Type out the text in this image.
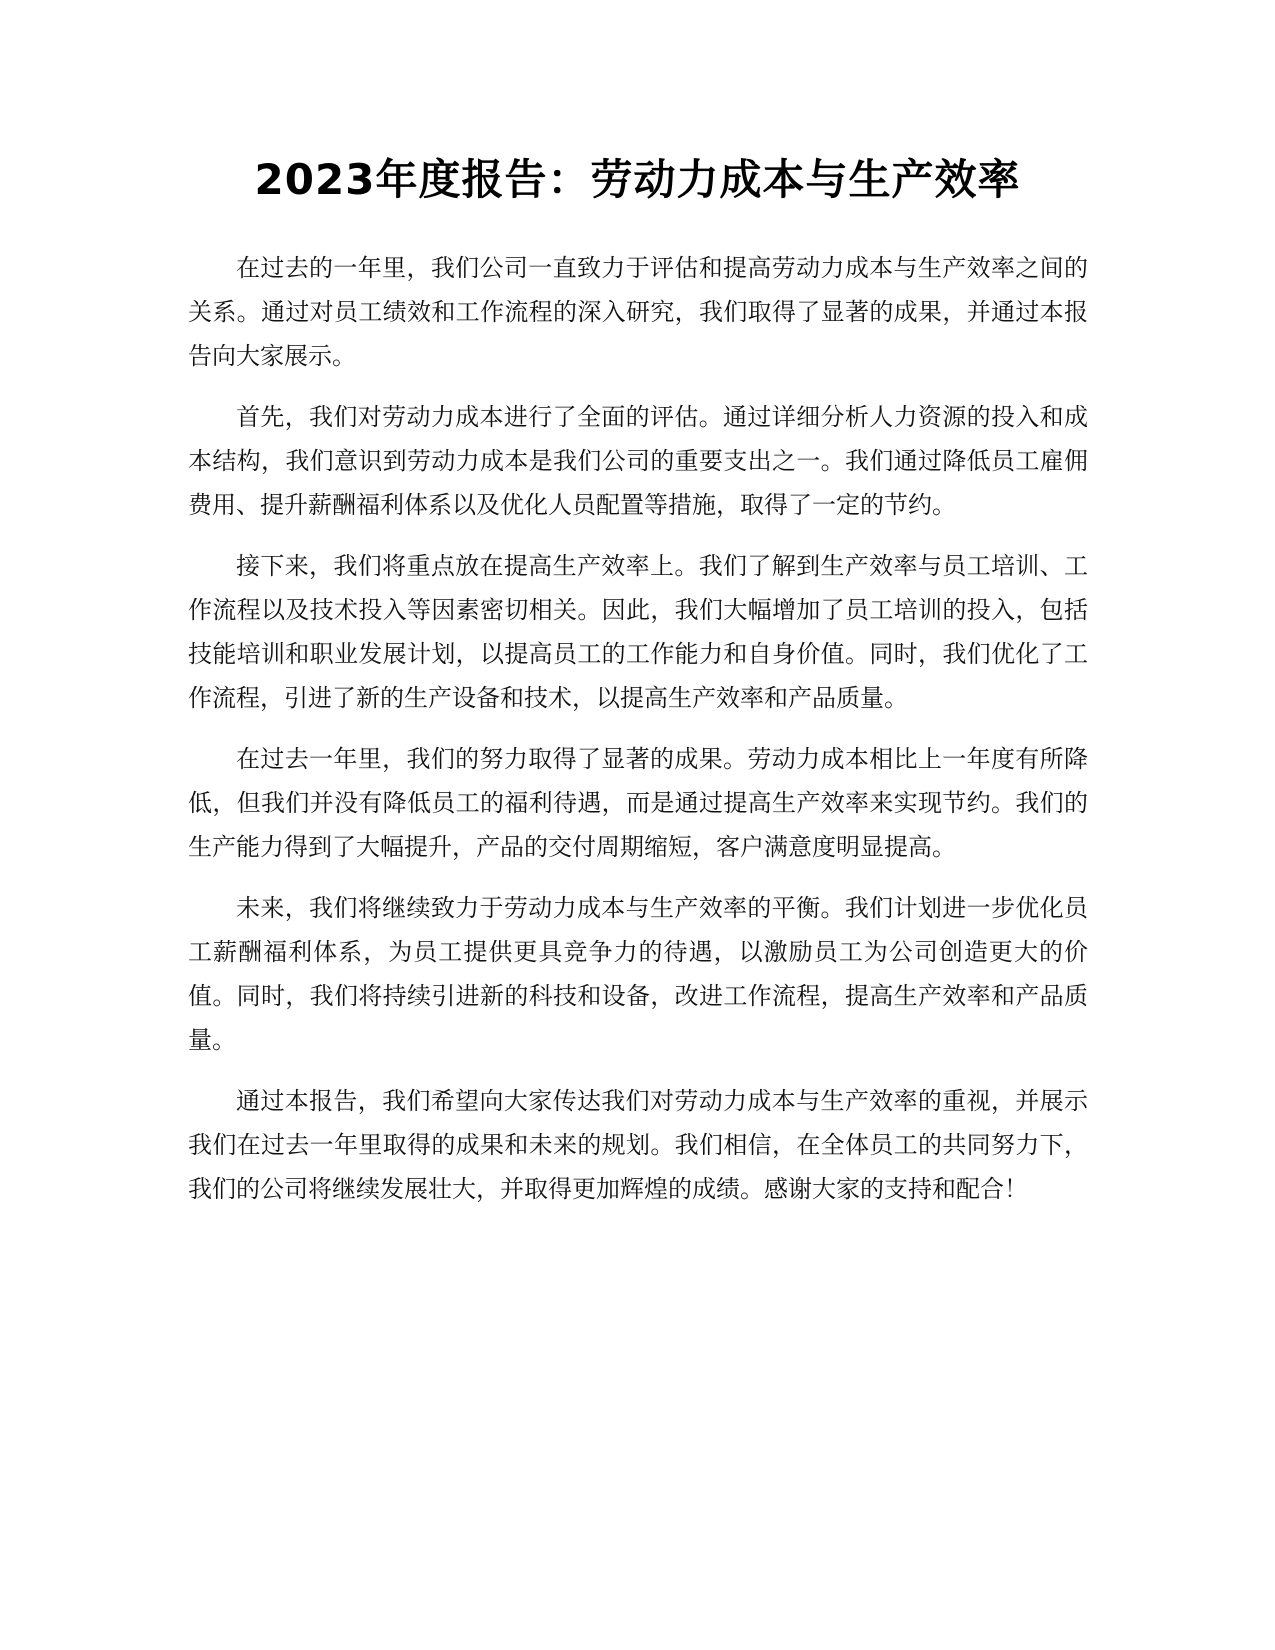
2023年度报告：劳动力成本与生产效率

在过去的一年里，我们公司一直致力于评估和提高劳动力成本与生产效率之间的关系。通过对员工绩效和工作流程的深入研究，我们取得了显著的成果，并通过本报告向大家展示。

首先，我们对劳动力成本进行了全面的评估。通过详细分析人力资源的投入和成本结构，我们意识到劳动力成本是我们公司的重要支出之一。我们通过降低员工雇佣费用、提升薪酬福利体系以及优化人员配置等措施，取得了一定的节约。

接下来，我们将重点放在提高生产效率上。我们了解到生产效率与员工培训、工作流程以及技术投入等因素密切相关。因此，我们大幅增加了员工培训的投入，包括技能培训和职业发展计划，以提高员工的工作能力和自身价值。同时，我们优化了工作流程，引进了新的生产设备和技术，以提高生产效率和产品质量。

在过去一年里，我们的努力取得了显著的成果。劳动力成本相比上一年度有所降低，但我们并没有降低员工的福利待遇，而是通过提高生产效率来实现节约。我们的生产能力得到了大幅提升，产品的交付周期缩短，客户满意度明显提高。

未来，我们将继续致力于劳动力成本与生产效率的平衡。我们计划进一步优化员工薪酬福利体系，为员工提供更具竞争力的待遇，以激励员工为公司创造更大的价值。同时，我们将持续引进新的科技和设备，改进工作流程，提高生产效率和产品质量。

通过本报告，我们希望向大家传达我们对劳动力成本与生产效率的重视，并展示我们在过去一年里取得的成果和未来的规划。我们相信，在全体员工的共同努力下，我们的公司将继续发展壮大，并取得更加辉煌的成绩。感谢大家的支持和配合！
